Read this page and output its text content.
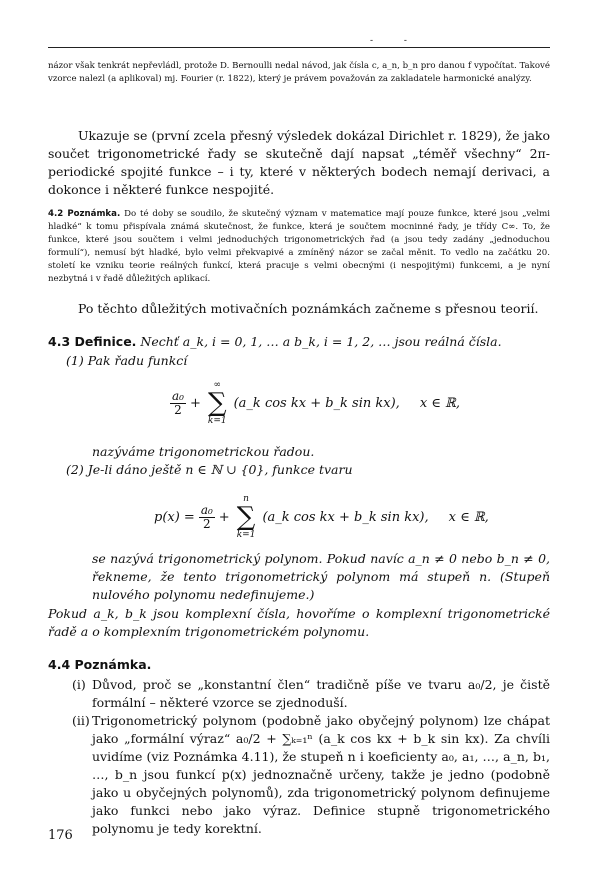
- -
názor však tenkrát nepřevládl, protože D. Bernoulli nedal návod, jak čísla c, a_n, b_n pro danou f vypočítat. Takové vzorce nalezl (a aplikoval) mj. Fourier (r. 1822), který je právem považován za zakladatele harmonické analýzy.
Ukazuje se (první zcela přesný výsledek dokázal Dirichlet r. 1829), že jako součet trigonometrické řady se skutečně dají napsat „téměř všechny“ 2π-periodické spojité funkce – i ty, které v některých bodech nemají derivaci, a dokonce i některé funkce nespojité.
4.2 Poznámka. Do té doby se soudilo, že skutečný význam v matematice mají pouze funkce, které jsou „velmi hladké“ k tomu přispívala známá skutečnost, že funkce, která je součtem mocninné řady, je třídy C∞. To, že funkce, které jsou součtem i velmi jednoduchých trigonometrických řad (a jsou tedy zadány „jednoduchou formulí“), nemusí být hladké, bylo velmi překvapivé a zmíněný názor se začal měnit. To vedlo na začátku 20. století ke vzniku teorie reálných funkcí, která pracuje s velmi obecnými (i nespojitými) funkcemi, a je nyní nezbytná i v řadě důležitých aplikací.
Po těchto důležitých motivačních poznámkách začneme s přesnou teorií.
4.3 Definice. Nechť a_k, i = 0, 1, … a b_k, i = 1, 2, … jsou reálná čísla.
(1) Pak řadu funkcí
$\frac{\text{a₀}}{2}$ +
∞
∑
k=1
(a_k cos kx + b_k sin kx), x ∈ ℝ,
nazýváme trigonometrickou řadou.
(2) Je-li dáno ještě n ∈ ℕ ∪ {0}, funkce tvaru
$p(x) = \frac{\text{a₀}}{2}$ +
n
∑
k=1
(a_k cos kx + b_k sin kx), x ∈ ℝ,
se nazývá trigonometrický polynom. Pokud navíc a_n ≠ 0 nebo b_n ≠ 0, řekneme, že tento trigonometrický polynom má stupeň n. (Stupeň nulového polynomu nedefinujeme.)
Pokud a_k, b_k jsou komplexní čísla, hovoříme o komplexní trigonometrické řadě a o komplexním trigonometrickém polynomu.
4.4 Poznámka.
(i) Důvod, proč se „konstantní člen“ tradičně píše ve tvaru a₀/2, je čistě formální – některé vzorce se zjednoduší.
(ii) Trigonometrický polynom (podobně jako obyčejný polynom) lze chápat jako „formální výraz“ a₀/2 + ∑ₖ₌₁ⁿ (a_k cos kx + b_k sin kx). Za chvíli uvidíme (viz Poznámka 4.11), že stupeň n i koeficienty a₀, a₁, …, a_n, b₁, …, b_n jsou funkcí p(x) jednoznačně určeny, takže je jedno (podobně jako u obyčejných polynomů), zda trigonometrický polynom definujeme jako funkci nebo jako výraz. Definice stupně trigonometrického polynomu je tedy korektní.
176
